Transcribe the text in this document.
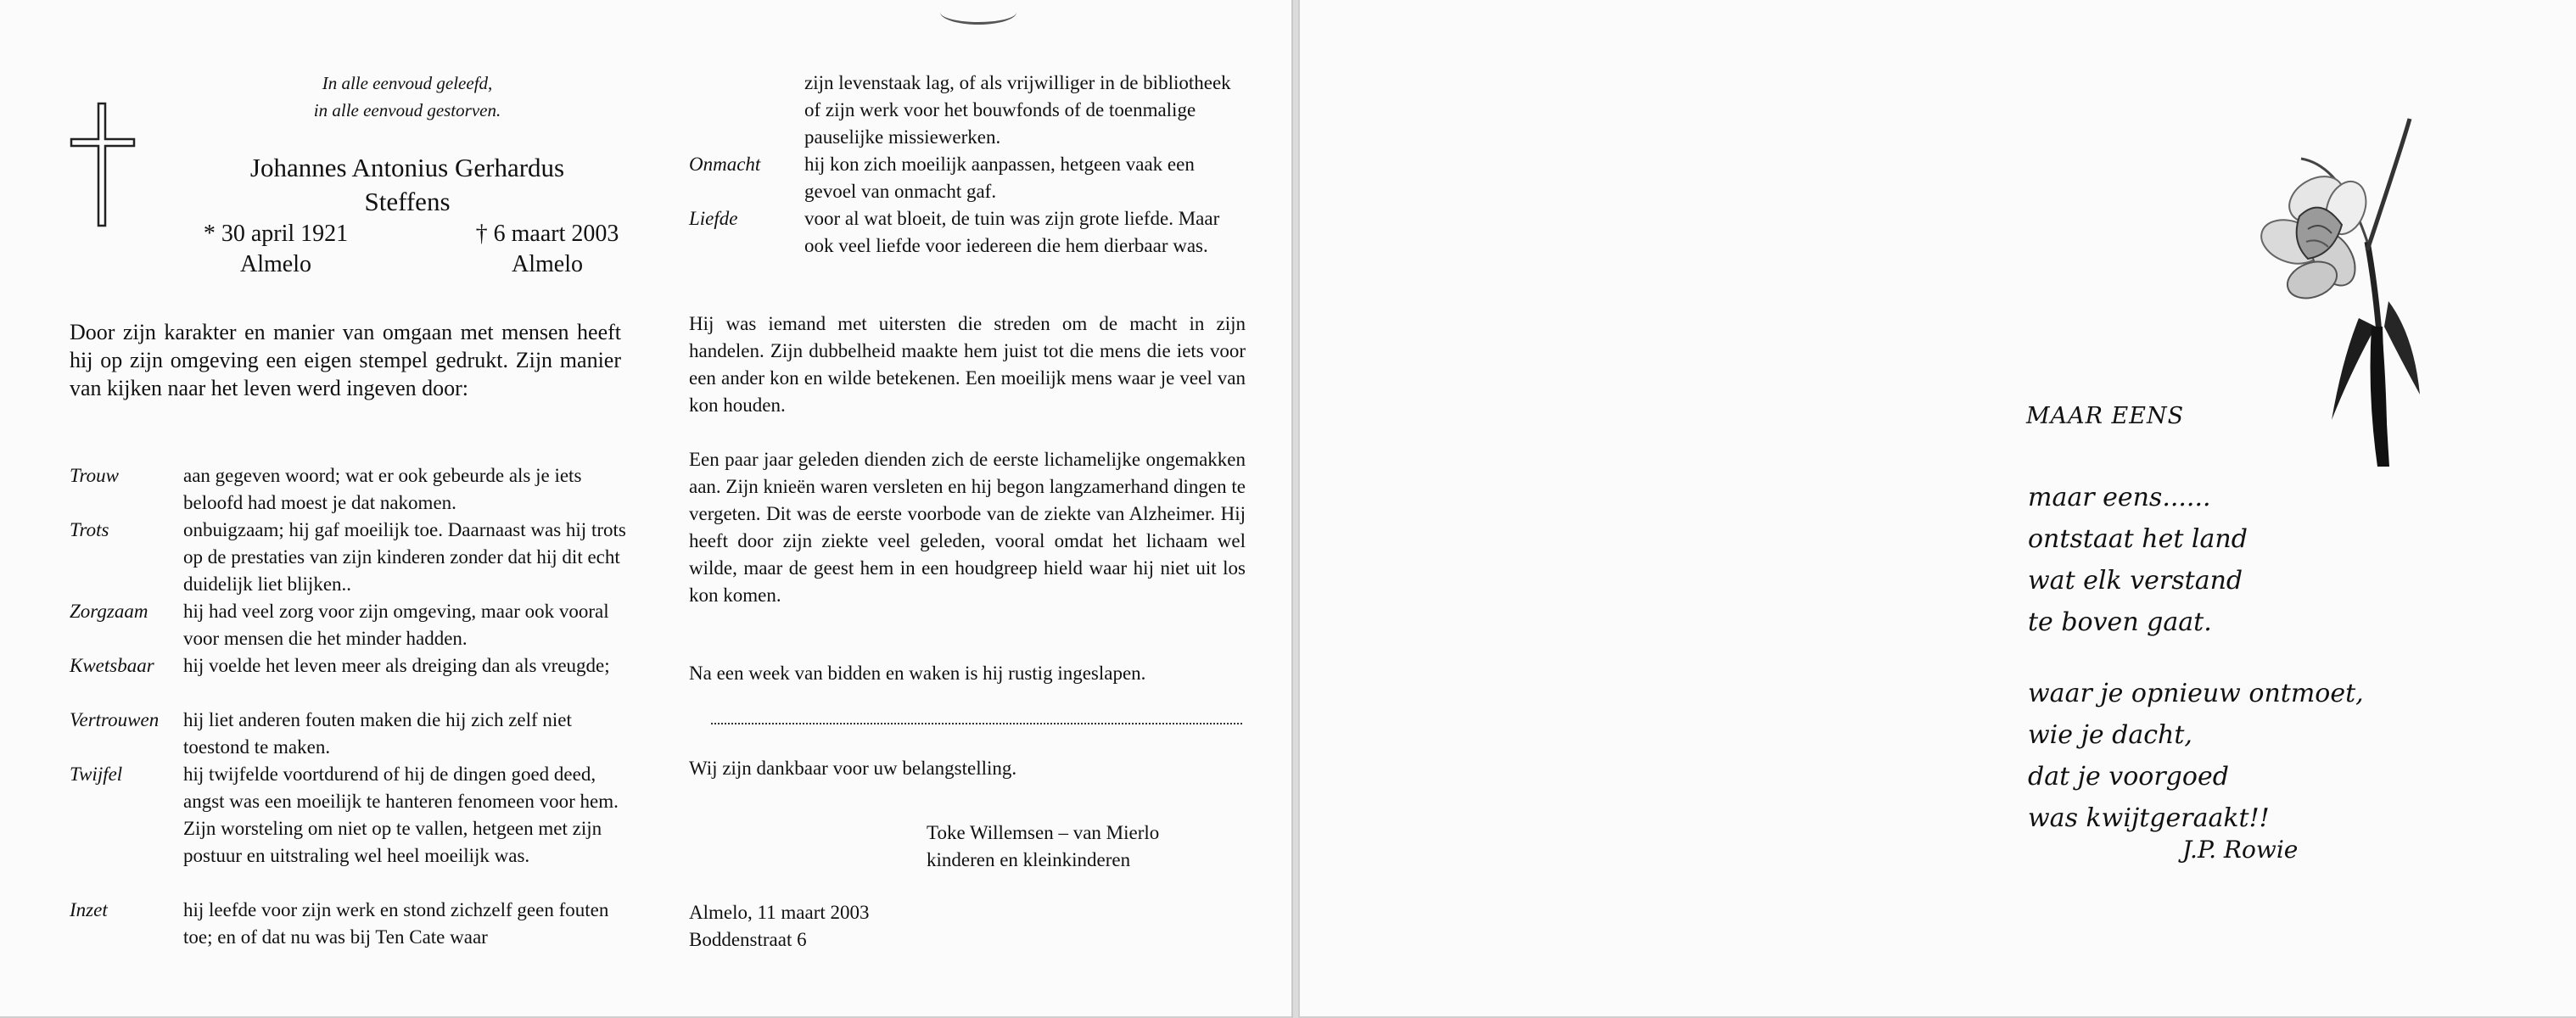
In alle eenvoud geleefd,
in alle eenvoud gestorven.
Johannes Antonius Gerhardus
Steffens
* 30 april 1921
Almelo
† 6 maart 2003
Almelo
Door zijn karakter en manier van omgaan met mensen heeft hij op zijn omgeving een eigen stempel gedrukt. Zijn manier van kijken naar het leven werd ingeven door:
Trouw	aan gegeven woord; wat er ook gebeurde als je iets beloofd had moest je dat nakomen.
Trots	onbuigzaam; hij gaf moeilijk toe. Daarnaast was hij trots op de prestaties van zijn kinderen zonder dat hij dit echt duidelijk liet blijken..
Zorgzaam hij had veel zorg voor zijn omgeving, maar ook vooral voor mensen die het minder hadden.
Kwetsbaar hij voelde het leven meer als dreiging dan als vreugde;
Vertrouwen hij liet anderen fouten maken die hij zich zelf niet toestond te maken.
Twijfel	hij twijfelde voortdurend of hij de dingen goed deed, angst was een moeilijk te hanteren fenomeen voor hem. Zijn worsteling om niet op te vallen, hetgeen met zijn postuur en uitstraling wel heel moeilijk was.
Inzet	hij leefde voor zijn werk en stond zichzelf geen fouten toe; en of dat nu was bij Ten Cate waar
zijn levenstaak lag, of als vrijwilliger in de bibliotheek of zijn werk voor het bouwfonds of de toenmalige pauselijke missiewerken.
Onmacht hij kon zich moeilijk aanpassen, hetgeen vaak een gevoel van onmacht gaf.
Liefde	voor al wat bloeit, de tuin was zijn grote liefde. Maar ook veel liefde voor iedereen die hem dierbaar was.
Hij was iemand met uitersten die streden om de macht in zijn handelen. Zijn dubbelheid maakte hem juist tot die mens die iets voor een ander kon en wilde betekenen. Een moeilijk mens waar je veel van kon houden.
Een paar jaar geleden dienden zich de eerste lichamelijke ongemakken aan. Zijn knieën waren versleten en hij begon langzamerhand dingen te vergeten. Dit was de eerste voorbode van de ziekte van Alzheimer. Hij heeft door zijn ziekte veel geleden, vooral omdat het lichaam wel wilde, maar de geest hem in een houdgreep hield waar hij niet uit los kon komen.
Na een week van bidden en waken is hij rustig ingeslapen.
Wij zijn dankbaar voor uw belangstelling.
Toke Willemsen – van Mierlo
kinderen en kleinkinderen
Almelo, 11 maart 2003
Boddenstraat 6
MAAR EENS
maar eens......
ontstaat het land
wat elk verstand
te boven gaat.
waar je opnieuw ontmoet,
wie je dacht,
dat je voorgoed
was kwijtgeraakt!!
J.P. Rowie
